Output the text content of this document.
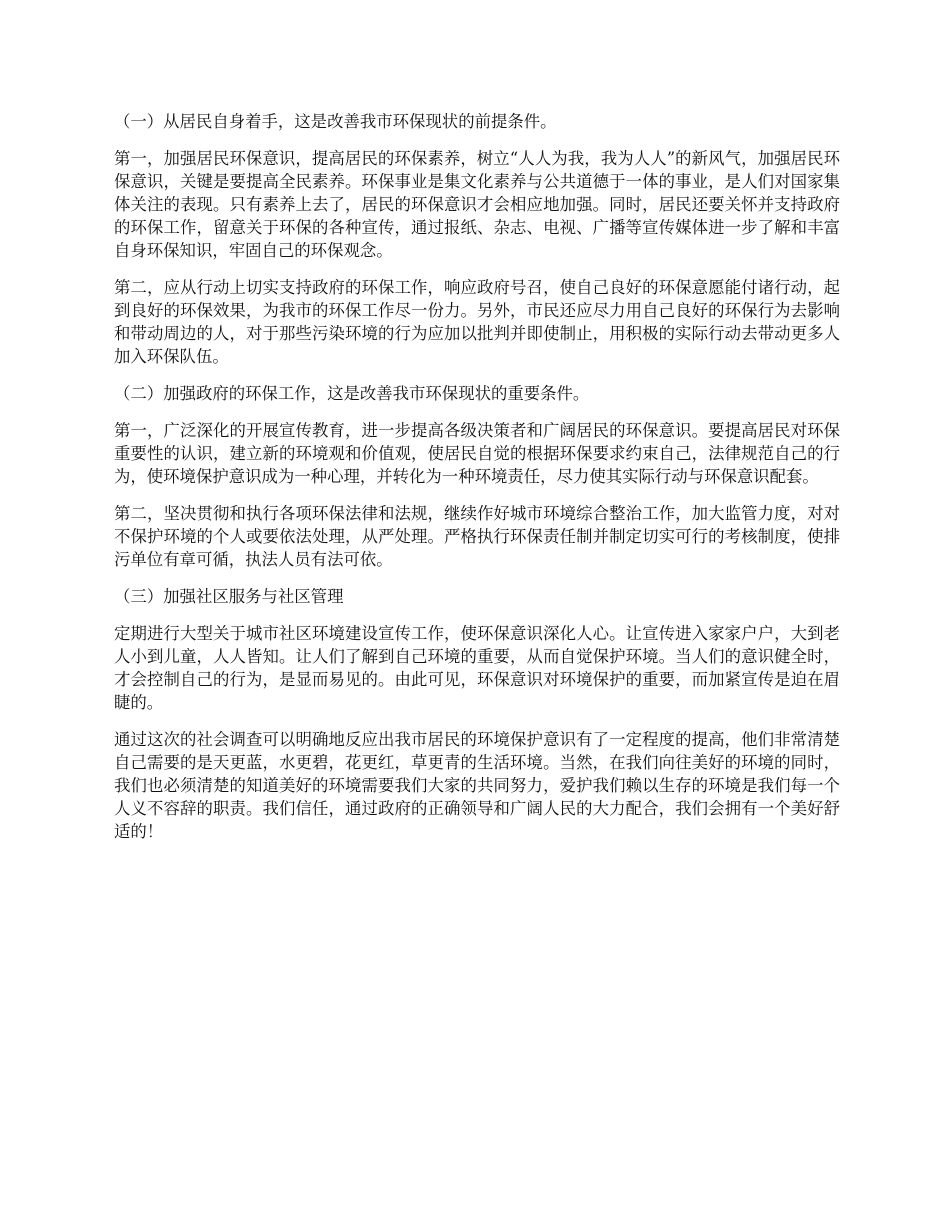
（一）从居民自身着手，这是改善我市环保现状的前提条件。

第一，加强居民环保意识，提高居民的环保素养，树立“人人为我，我为人人”的新风气，加强居民环保意识，关键是要提高全民素养。环保事业是集文化素养与公共道德于一体的事业，是人们对国家集体关注的表现。只有素养上去了，居民的环保意识才会相应地加强。同时，居民还要关怀并支持政府的环保工作，留意关于环保的各种宣传，通过报纸、杂志、电视、广播等宣传媒体进一步了解和丰富自身环保知识，牢固自己的环保观念。

第二，应从行动上切实支持政府的环保工作，响应政府号召，使自己良好的环保意愿能付诸行动，起到良好的环保效果，为我市的环保工作尽一份力。另外，市民还应尽力用自己良好的环保行为去影响和带动周边的人，对于那些污染环境的行为应加以批判并即使制止，用积极的实际行动去带动更多人加入环保队伍。

（二）加强政府的环保工作，这是改善我市环保现状的重要条件。

第一，广泛深化的开展宣传教育，进一步提高各级决策者和广阔居民的环保意识。要提高居民对环保重要性的认识，建立新的环境观和价值观，使居民自觉的根据环保要求约束自己，法律规范自己的行为，使环境保护意识成为一种心理，并转化为一种环境责任，尽力使其实际行动与环保意识配套。

第二，坚决贯彻和执行各项环保法律和法规，继续作好城市环境综合整治工作，加大监管力度，对对不保护环境的个人或要依法处理，从严处理。严格执行环保责任制并制定切实可行的考核制度，使排污单位有章可循，执法人员有法可依。

（三）加强社区服务与社区管理

定期进行大型关于城市社区环境建设宣传工作，使环保意识深化人心。让宣传进入家家户户，大到老人小到儿童，人人皆知。让人们了解到自己环境的重要，从而自觉保护环境。当人们的意识健全时，才会控制自己的行为，是显而易见的。由此可见，环保意识对环境保护的重要，而加紧宣传是迫在眉睫的。

通过这次的社会调查可以明确地反应出我市居民的环境保护意识有了一定程度的提高，他们非常清楚自己需要的是天更蓝，水更碧，花更红，草更青的生活环境。当然，在我们向往美好的环境的同时，我们也必须清楚的知道美好的环境需要我们大家的共同努力，爱护我们赖以生存的环境是我们每一个人义不容辞的职责。我们信任，通过政府的正确领导和广阔人民的大力配合，我们会拥有一个美好舒适的！
